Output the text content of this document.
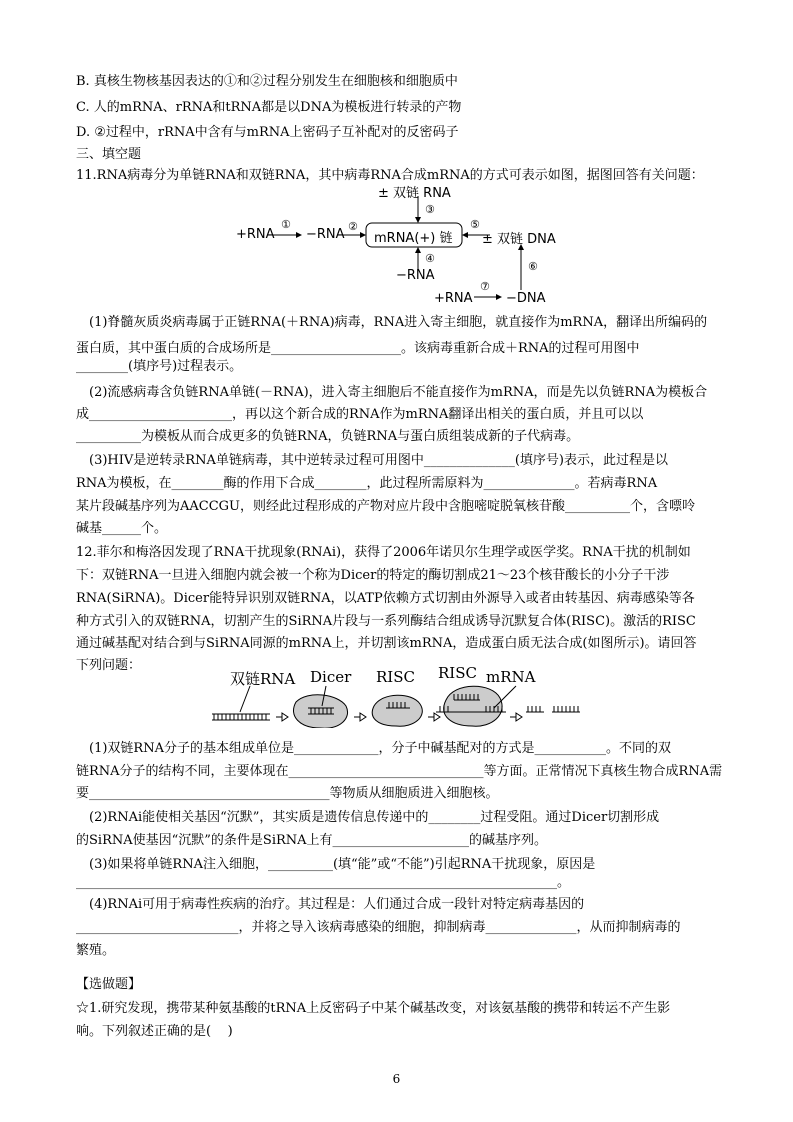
B. 真核生物核基因表达的①和②过程分别发生在细胞核和细胞质中
C. 人的mRNA、rRNA和tRNA都是以DNA为模板进行转录的产物
D. ②过程中，rRNA中含有与mRNA上密码子互补配对的反密码子
三、填空题
11.RNA病毒分为单链RNA和双链RNA，其中病毒RNA合成mRNA的方式可表示如图，据图回答有关问题：
± 双链 RNA
③
+RNA
①
−RNA
②
mRNA(+) 链
⑤
± 双链 DNA
④
−RNA
⑥
+RNA
⑦
−DNA
(1)脊髓灰质炎病毒属于正链RNA(＋RNA)病毒，RNA进入寄主细胞，就直接作为mRNA，翻译出所编码的
蛋白质，其中蛋白质的合成场所是____________________。该病毒重新合成＋RNA的过程可用图中
________(填序号)过程表示。
(2)流感病毒含负链RNA单链(－RNA)，进入寄主细胞后不能直接作为mRNA，而是先以负链RNA为模板合
成______________________，再以这个新合成的RNA作为mRNA翻译出相关的蛋白质，并且可以以
__________为模板从而合成更多的负链RNA，负链RNA与蛋白质组装成新的子代病毒。
(3)HIV是逆转录RNA单链病毒，其中逆转录过程可用图中______________(填序号)表示，此过程是以
RNA为模板，在________酶的作用下合成________，此过程所需原料为______________。若病毒RNA
某片段碱基序列为AACCGU，则经此过程形成的产物对应片段中含胞嘧啶脱氧核苷酸__________个，含嘌呤
碱基______个。
12.菲尔和梅洛因发现了RNA干扰现象(RNAi)，获得了2006年诺贝尔生理学或医学奖。RNA干扰的机制如
下：双链RNA一旦进入细胞内就会被一个称为Dicer的特定的酶切割成21～23个核苷酸长的小分子干涉
RNA(SiRNA)。Dicer能特异识别双链RNA，以ATP依赖方式切割由外源导入或者由转基因、病毒感染等各
种方式引入的双链RNA，切割产生的SiRNA片段与一系列酶结合组成诱导沉默复合体(RISC)。激活的RISC
通过碱基配对结合到与SiRNA同源的mRNA上，并切割该mRNA，造成蛋白质无法合成(如图所示)。请回答
下列问题：
双链RNA Dicer RISC RISC mRNA
(1)双链RNA分子的基本组成单位是_____________，分子中碱基配对的方式是___________。不同的双
链RNA分子的结构不同，主要体现在______________________________等方面。正常情况下真核生物合成RNA需
要_____________________________________等物质从细胞质进入细胞核。
(2)RNAi能使相关基因“沉默”，其实质是遗传信息传递中的________过程受阻。通过Dicer切割形成
的SiRNA使基因“沉默”的条件是SiRNA上有_____________________的碱基序列。
(3)如果将单链RNA注入细胞，__________(填“能”或“不能”)引起RNA干扰现象，原因是
__________________________________________________________________________。
(4)RNAi可用于病毒性疾病的治疗。其过程是：人们通过合成一段针对特定病毒基因的
_________________________，并将之导入该病毒感染的细胞，抑制病毒______________，从而抑制病毒的
繁殖。
【选做题】
☆1.研究发现，携带某种氨基酸的tRNA上反密码子中某个碱基改变，对该氨基酸的携带和转运不产生影
响。下列叙述正确的是(    )
6
